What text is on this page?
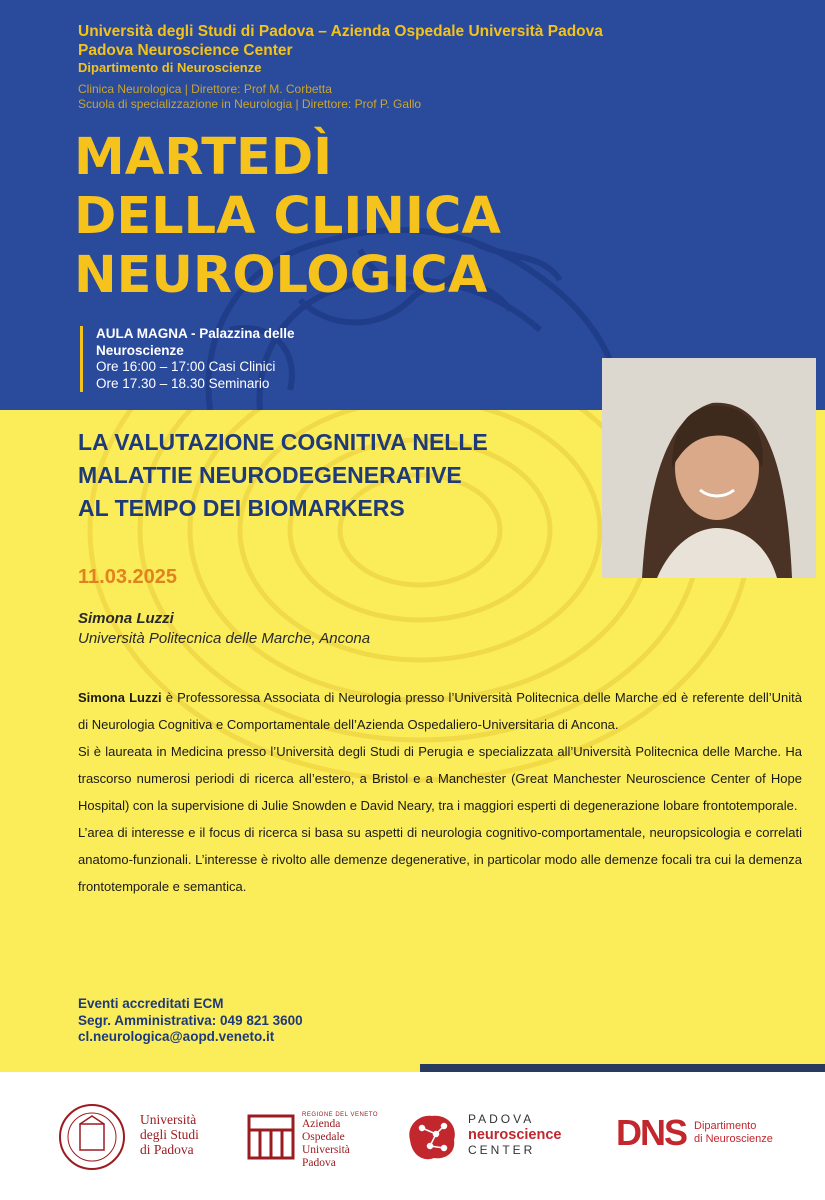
Università degli Studi di Padova – Azienda Ospedale Università Padova
Padova Neuroscience Center
Dipartimento di Neuroscienze
Clinica Neurologica | Direttore: Prof M. Corbetta
Scuola di specializzazione in Neurologia | Direttore: Prof P. Gallo
MARTEDÌ
DELLA CLINICA
NEUROLOGICA
AULA MAGNA - Palazzina delle
Neuroscienze
Ore 16:00 – 17:00 Casi Clinici
Ore 17.30 – 18.30 Seminario
LA VALUTAZIONE COGNITIVA NELLE
MALATTIE NEURODEGENERATIVE
AL TEMPO DEI BIOMARKERS
11.03.2025
Simona Luzzi
Università Politecnica delle Marche, Ancona

Simona Luzzi è Professoressa Associata di Neurologia presso l’Università Politecnica delle Marche ed è referente dell’Unità di Neurologia Cognitiva e Comportamentale dell’Azienda Ospedaliero-Universitaria di Ancona.

Si è laureata in Medicina presso l’Università degli Studi di Perugia e specializzata all’Università Politecnica delle Marche. Ha trascorso numerosi periodi di ricerca all’estero, a Bristol e a Manchester (Great Manchester Neuroscience Center of Hope Hospital) con la supervisione di Julie Snowden e David Neary, tra i maggiori esperti di degenerazione lobare frontotemporale.

L’area di interesse e il focus di ricerca si basa su aspetti di neurologia cognitivo-comportamentale, neuropsicologia e correlati anatomo-funzionali. L’interesse è rivolto alle demenze degenerative, in particolar modo alle demenze focali tra cui la demenza frontotemporale e semantica.

Eventi accreditati ECM
Segr. Amministrativa: 049 821 3600
cl.neurologica@aopd.veneto.it
Università
degli Studi
di Padova
REGIONE DEL VENETO
Azienda
Ospedale
Università
Padova
PADOVA
neuroscience
CENTER	DNS Dipartimento
di Neuroscienze
